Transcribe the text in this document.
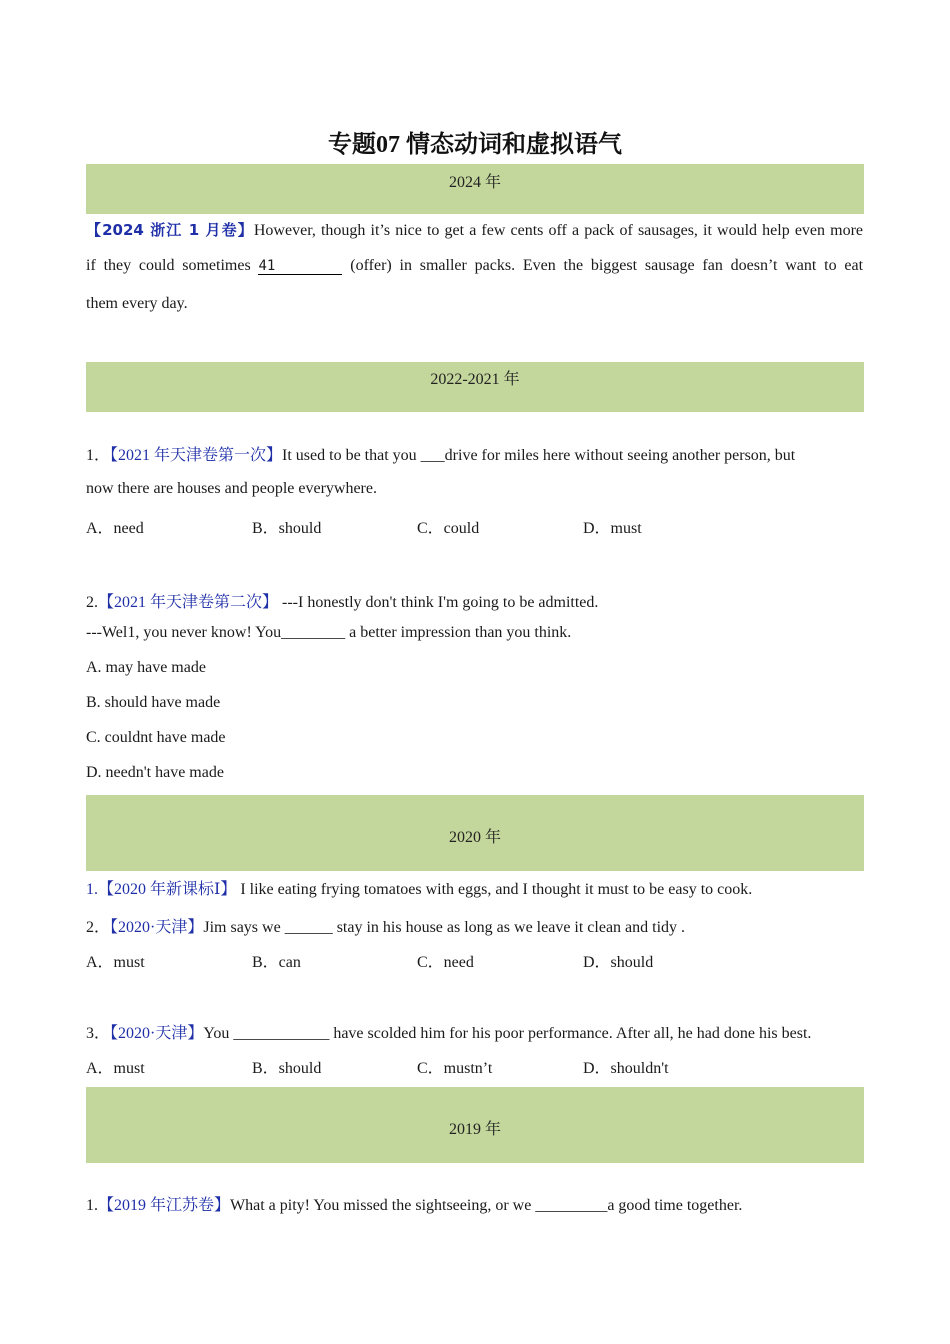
专题07 情态动词和虚拟语气
2024 年
【2024 浙江 1 月卷】However, though it’s nice to get a few cents off a pack of sausages, it would help even more
if they could sometimes 41	(offer) in smaller packs. Even the biggest sausage fan doesn’t want to eat
them every day.
2022-2021 年
1．【2021 年天津卷第一次】It used to be that you ___drive for miles here without seeing another person, but
now there are houses and people everywhere.
A．need	B．should	C．could	D．must
2.【2021 年天津卷第二次】 ---I honestly don't think I'm going to be admitted.
---Wel1, you never know! You________ a better impression than you think.
A. may have made
B. should have made
C. couldnt have made
D. needn't have made
2020 年
1.【2020 年新课标Ⅰ】 I like eating frying tomatoes with eggs, and I thought it must to be easy to cook.
2．【2020·天津】Jim says we ______ stay in his house as long as we leave it clean and tidy .
A．must	B．can	C．need	D．should
3．【2020·天津】You ____________ have scolded him for his poor performance. After all, he had done his best.
A．must	B．should	C．mustn’t	D．shouldn't
2019 年
1.【2019 年江苏卷】What a pity! You missed the sightseeing, or we _________a good time together.
